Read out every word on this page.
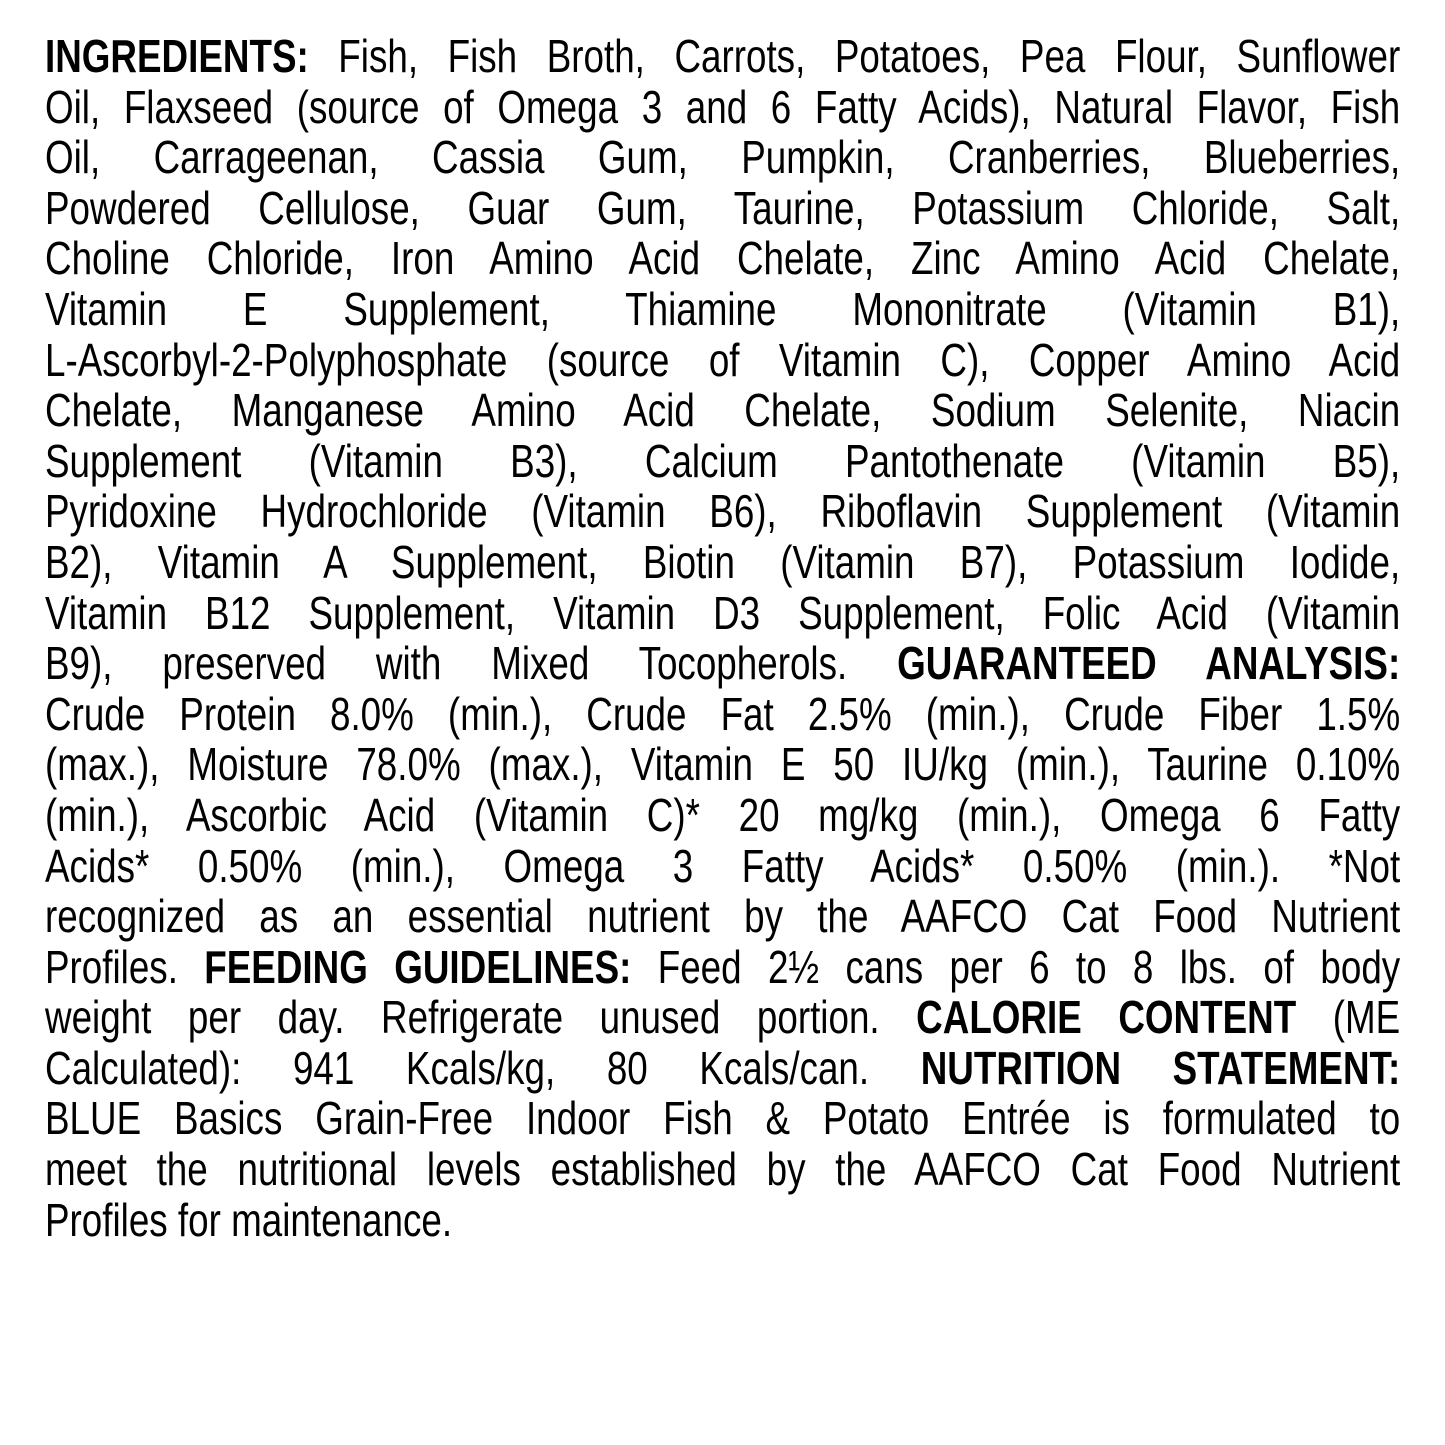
INGREDIENTS: Fish, Fish Broth, Carrots, Potatoes, Pea Flour, Sunflower
Oil, Flaxseed (source of Omega 3 and 6 Fatty Acids), Natural Flavor, Fish
Oil, Carrageenan, Cassia Gum, Pumpkin, Cranberries, Blueberries,
Powdered Cellulose, Guar Gum, Taurine, Potassium Chloride, Salt,
Choline Chloride, Iron Amino Acid Chelate, Zinc Amino Acid Chelate,
Vitamin E Supplement, Thiamine Mononitrate (Vitamin B1),
L-Ascorbyl-2-Polyphosphate (source of Vitamin C), Copper Amino Acid
Chelate, Manganese Amino Acid Chelate, Sodium Selenite, Niacin
Supplement (Vitamin B3), Calcium Pantothenate (Vitamin B5),
Pyridoxine Hydrochloride (Vitamin B6), Riboflavin Supplement (Vitamin
B2), Vitamin A Supplement, Biotin (Vitamin B7), Potassium Iodide,
Vitamin B12 Supplement, Vitamin D3 Supplement, Folic Acid (Vitamin
B9), preserved with Mixed Tocopherols. GUARANTEED ANALYSIS:
Crude Protein 8.0% (min.), Crude Fat 2.5% (min.), Crude Fiber 1.5%
(max.), Moisture 78.0% (max.), Vitamin E 50 IU/kg (min.), Taurine 0.10%
(min.), Ascorbic Acid (Vitamin C)* 20 mg/kg (min.), Omega 6 Fatty
Acids* 0.50% (min.), Omega 3 Fatty Acids* 0.50% (min.). *Not
recognized as an essential nutrient by the AAFCO Cat Food Nutrient
Profiles. FEEDING GUIDELINES: Feed 2½ cans per 6 to 8 lbs. of body
weight per day. Refrigerate unused portion. CALORIE CONTENT (ME
Calculated): 941 Kcals/kg, 80 Kcals/can. NUTRITION STATEMENT:
BLUE Basics Grain-Free Indoor Fish & Potato Entrée is formulated to
meet the nutritional levels established by the AAFCO Cat Food Nutrient
Profiles for maintenance.
